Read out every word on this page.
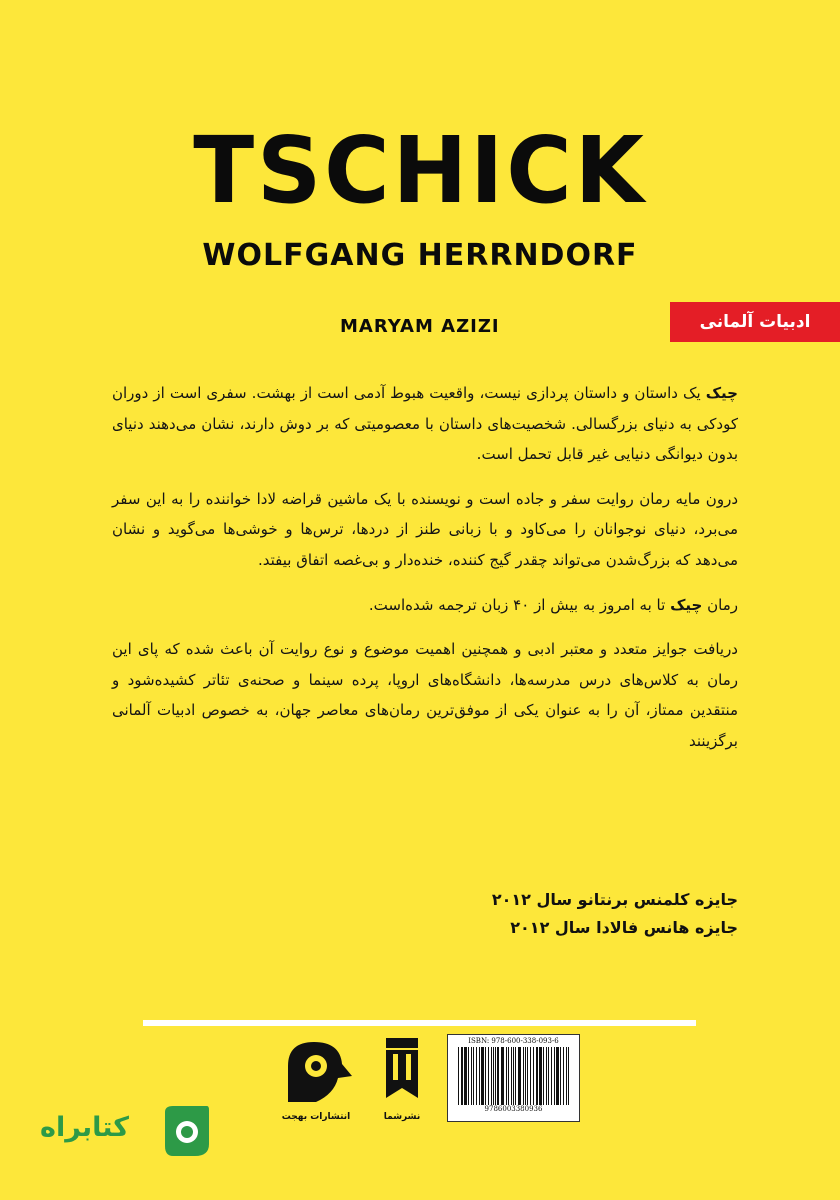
TSCHICK
WOLFGANG HERRNDORF
MARYAM AZIZI	ادبیات آلمانی

چیک یک داستان و داستان پردازی نیست، واقعیت هبوط آدمی است از بهشت. سفری است از دوران کودکی به دنیای بزرگسالی. شخصیت‌های داستان با معصومیتی که بر دوش دارند، نشان می‌دهند دنیای بدون دیوانگی دنیایی غیر قابل تحمل است.

درون مایه رمان روایت سفر و جاده است و نویسنده با یک ماشین قراضه لادا خواننده را به این سفر می‌برد، دنیای نوجوانان را می‌کاود و با زبانی طنز از دردها، ترس‌ها و خوشی‌ها می‌گوید و نشان می‌دهد که بزرگ‌شدن می‌تواند چقدر گیج کننده، خنده‌دار و بی‌غصه اتفاق بیفتد.

رمان چیک تا به امروز به بیش از ۴۰ زبان ترجمه شده‌است.

دریافت جوایز متعدد و معتبر ادبی و همچنین اهمیت موضوع و نوع روایت آن باعث شده که پای این رمان به کلاس‌های درس مدرسه‌ها، دانشگاه‌های اروپا، پرده سینما و صحنه‌ی تئاتر کشیده‌شود و منتقدین ممتاز، آن را به عنوان یکی از موفق‌ترین رمان‌های معاصر جهان، به خصوص ادبیات آلمانی برگزینند

جایزه کلمنس برنتانو سال ۲۰۱۲
جایزه هانس فالادا سال ۲۰۱۲
انتشارات بهجت	نشرشما
ISBN: 978-600-338-093-6
9786003380936
کتابراه
